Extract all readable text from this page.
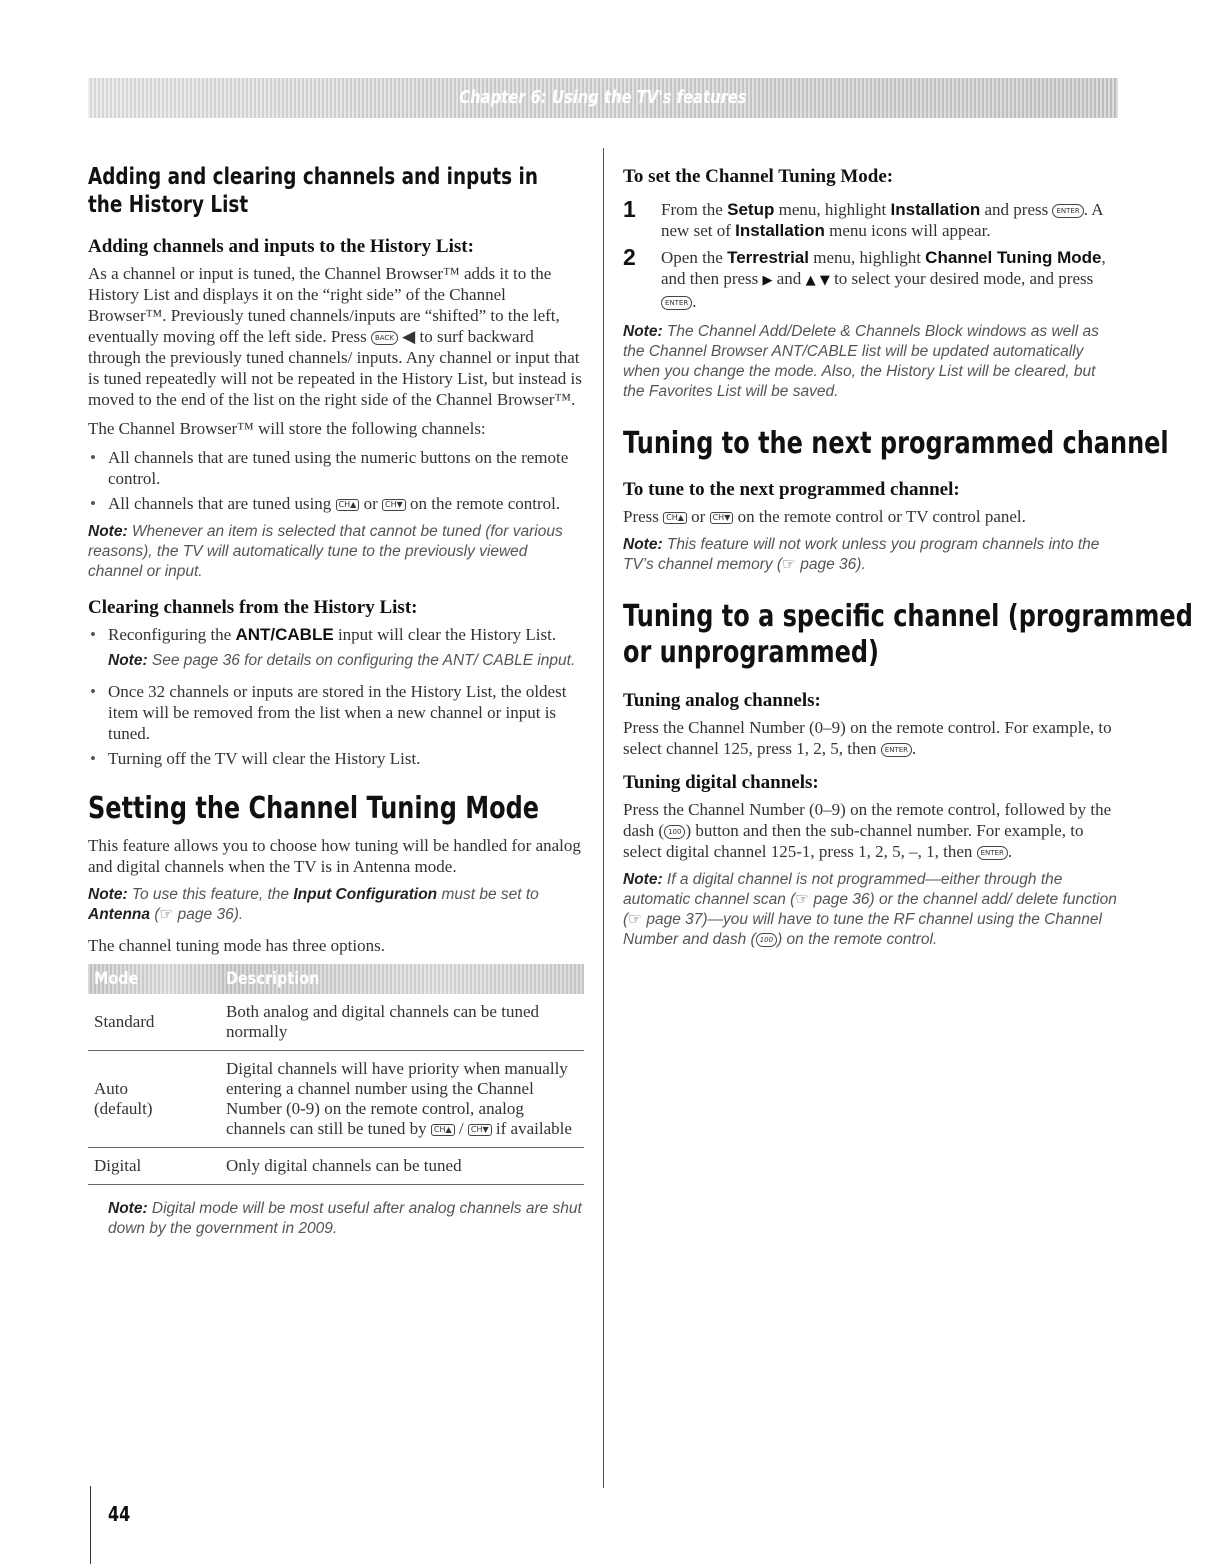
Chapter 6: Using the TV's features
Adding and clearing channels and inputs in the History List
Adding channels and inputs to the History List:

As a channel or input is tuned, the Channel Browser™ adds it to the History List and displays it on the “right side” of the Channel Browser™. Previously tuned channels/inputs are “shifted” to the left, eventually moving off the left side. Press BACK ◀ to surf backward through the previously tuned channels/ inputs. Any channel or input that is tuned repeatedly will not be repeated in the History List, but instead is moved to the end of the list on the right side of the Channel Browser™.

The Channel Browser™ will store the following channels:

• All channels that are tuned using the numeric buttons on the remote control.
• All channels that are tuned using CH▲ or CH▼ on the remote control.
Note: Whenever an item is selected that cannot be tuned (for various reasons), the TV will automatically tune to the previously viewed channel or input.
Clearing channels from the History List:
• Reconfiguring the ANT/CABLE input will clear the History List.
Note: See page 36 for details on configuring the ANT/ CABLE input.
• Once 32 channels or inputs are stored in the History List, the oldest item will be removed from the list when a new channel or input is tuned.
• Turning off the TV will clear the History List.
Setting the Channel Tuning Mode

This feature allows you to choose how tuning will be handled for analog and digital channels when the TV is in Antenna mode.

Note: To use this feature, the Input Configuration must be set to Antenna (☞ page 36).

The channel tuning mode has three options.

Mode	Description
Standard	Both analog and digital channels can be tuned normally

Auto
(default)	Digital channels will have priority when manually entering a channel number using the Channel Number (0-9) on the remote control, analog channels can still be tuned by CH▲ / CH▼ if available
Digital	Only digital channels can be tuned
Note: Digital mode will be most useful after analog channels are shut down by the government in 2009.
To set the Channel Tuning Mode:
1 From the Setup menu, highlight Installation and press ENTER . A new set of Installation menu icons will appear.

2 Open the Terrestrial menu, highlight Channel Tuning Mode, and then press ▶ and ▲ ▼ to select your desired mode, and press ENTER .

Note: The Channel Add/Delete & Channels Block windows as well as the Channel Browser ANT/CABLE list will be updated automatically when you change the mode. Also, the History List will be cleared, but the Favorites List will be saved.
Tuning to the next programmed channel
To tune to the next programmed channel:

Press CH▲ or CH▼ on the remote control or TV control panel.

Note: This feature will not work unless you program channels into the TV’s channel memory (☞ page 36).
Tuning to a specific channel (programmed
or unprogrammed)
Tuning analog channels:

Press the Channel Number (0–9) on the remote control. For example, to select channel 125, press 1, 2, 5, then ENTER .

Tuning digital channels:

Press the Channel Number (0–9) on the remote control, followed by the dash ( 100 ) button and then the sub-channel number. For example, to select digital channel 125-1, press 1, 2, 5, –, 1, then ENTER .

Note: If a digital channel is not programmed—either through the automatic channel scan (☞ page 36) or the channel add/ delete function (☞ page 37)—you will have to tune the RF channel using the Channel Number and dash ( 100 ) on the remote control.
44
